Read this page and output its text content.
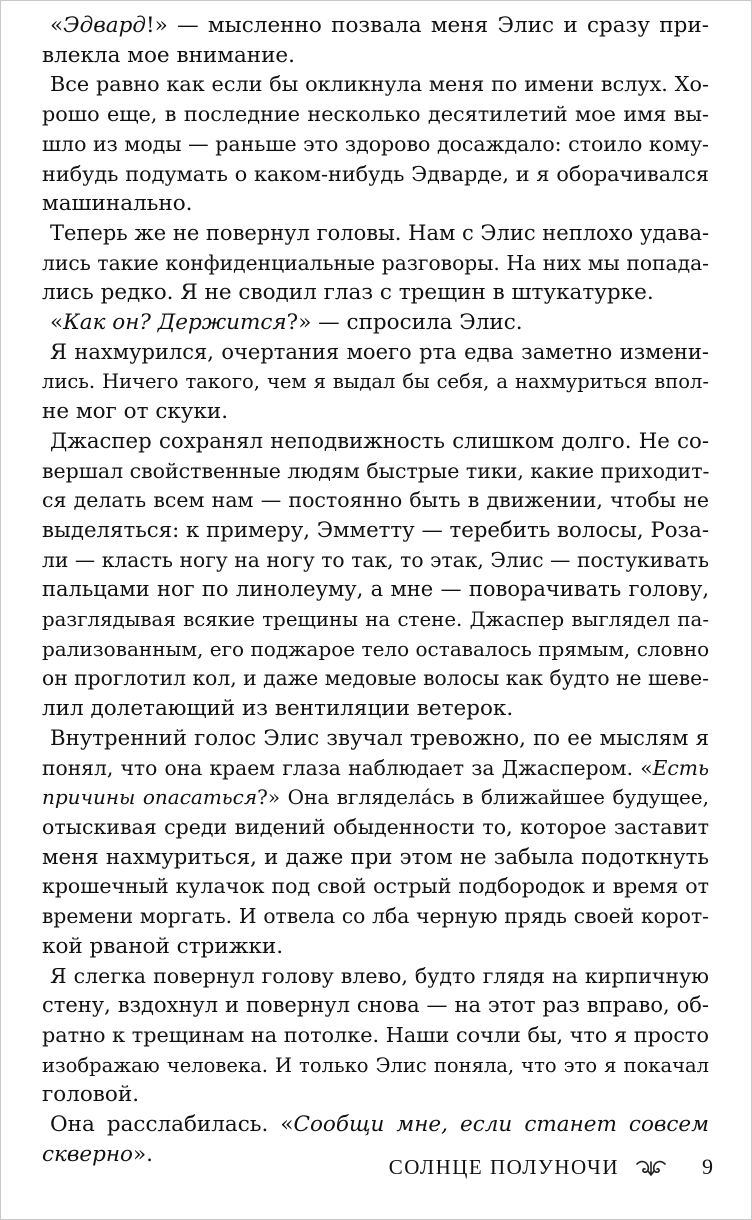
«Эдвард!» — мысленно позвала меня Элис и сразу при-
влекла мое внимание.
Все равно как если бы окликнула меня по имени вслух. Хо-
рошо еще, в последние несколько десятилетий мое имя вы-
шло из моды — раньше это здорово досаждало: стоило кому-
нибудь подумать о каком-нибудь Эдварде, и я оборачивался
машинально.
Теперь же не повернул головы. Нам с Элис неплохо удава-
лись такие конфиденциальные разговоры. На них мы попада-
лись редко. Я не сводил глаз с трещин в штукатурке.
«Как он? Держится?» — спросила Элис.
Я нахмурился, очертания моего рта едва заметно измени-
лись. Ничего такого, чем я выдал бы себя, а нахмуриться впол-
не мог от скуки.
Джаспер сохранял неподвижность слишком долго. Не со-
вершал свойственные людям быстрые тики, какие приходит-
ся делать всем нам — постоянно быть в движении, чтобы не
выделяться: к примеру, Эмметту — теребить волосы, Роза-
ли — класть ногу на ногу то так, то этак, Элис — постукивать
пальцами ног по линолеуму, а мне — поворачивать голову,
разглядывая всякие трещины на стене. Джаспер выглядел па-
рализованным, его поджарое тело оставалось прямым, словно
он проглотил кол, и даже медовые волосы как будто не шеве-
лил долетающий из вентиляции ветерок.
Внутренний голос Элис звучал тревожно, по ее мыслям я
понял, что она краем глаза наблюдает за Джаспером. «Есть
причины опасаться?» Она вглядела́сь в ближайшее будущее,
отыскивая среди видений обыденности то, которое заставит
меня нахмуриться, и даже при этом не забыла подоткнуть
крошечный кулачок под свой острый подбородок и время от
времени моргать. И отвела со лба черную прядь своей корот-
кой рваной стрижки.
Я слегка повернул голову влево, будто глядя на кирпичную
стену, вздохнул и повернул снова — на этот раз вправо, об-
ратно к трещинам на потолке. Наши сочли бы, что я просто
изображаю человека. И только Элис поняла, что это я покачал
головой.
Она расслабилась. «Сообщи мне, если станет совсем
скверно».
СОЛНЦЕ ПОЛУНОЧИ	9
